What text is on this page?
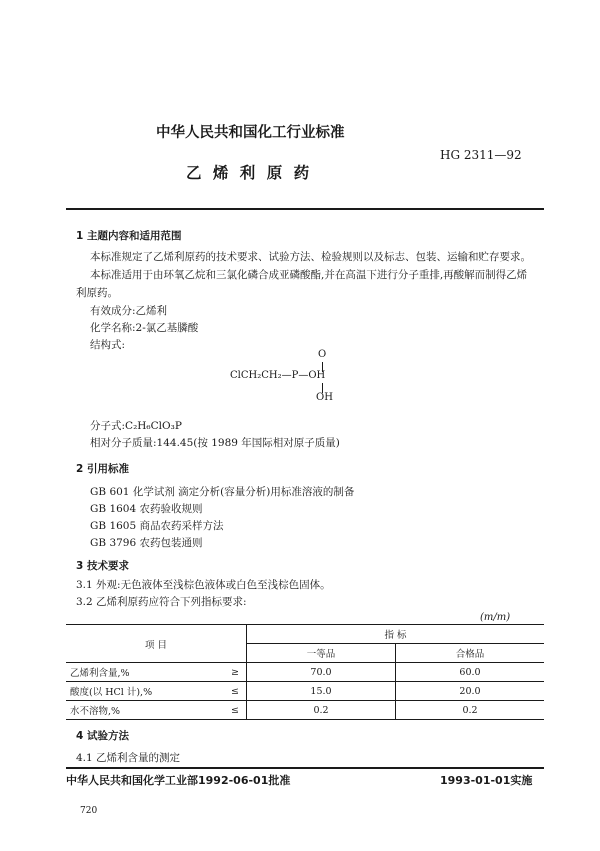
中华人民共和国化工行业标准
乙 烯 利 原 药
HG 2311—92
1 主题内容和适用范围
本标准规定了乙烯利原药的技术要求、试验方法、检验规则以及标志、包装、运输和贮存要求。
本标准适用于由环氧乙烷和三氯化磷合成亚磷酸酯,并在高温下进行分子重排,再酸解而制得乙烯
利原药。
有效成分:乙烯利
化学名称:2-氯乙基膦酸
结构式:
O
ClCH₂CH₂—P—OH
OH
分子式:C₂H₆ClO₃P
相对分子质量:144.45(按 1989 年国际相对原子质量)
2 引用标准
GB 601 化学试剂 滴定分析(容量分析)用标准溶液的制备
GB 1604 农药验收规则
GB 1605 商品农药采样方法
GB 3796 农药包装通则
3 技术要求
3.1 外观:无色液体至浅棕色液体或白色至浅棕色固体。
3.2 乙烯利原药应符合下列指标要求:
(m/m)
项 目		指 标	
		一等品	合格品
乙烯利含量,%	≥	70.0	60.0
酸度(以 HCl 计),%	≤	15.0	20.0
水不溶物,%	≤	0.2	0.2
4 试验方法
4.1 乙烯利含量的测定
中华人民共和国化学工业部1992-06-01批准	1993-01-01实施
720
